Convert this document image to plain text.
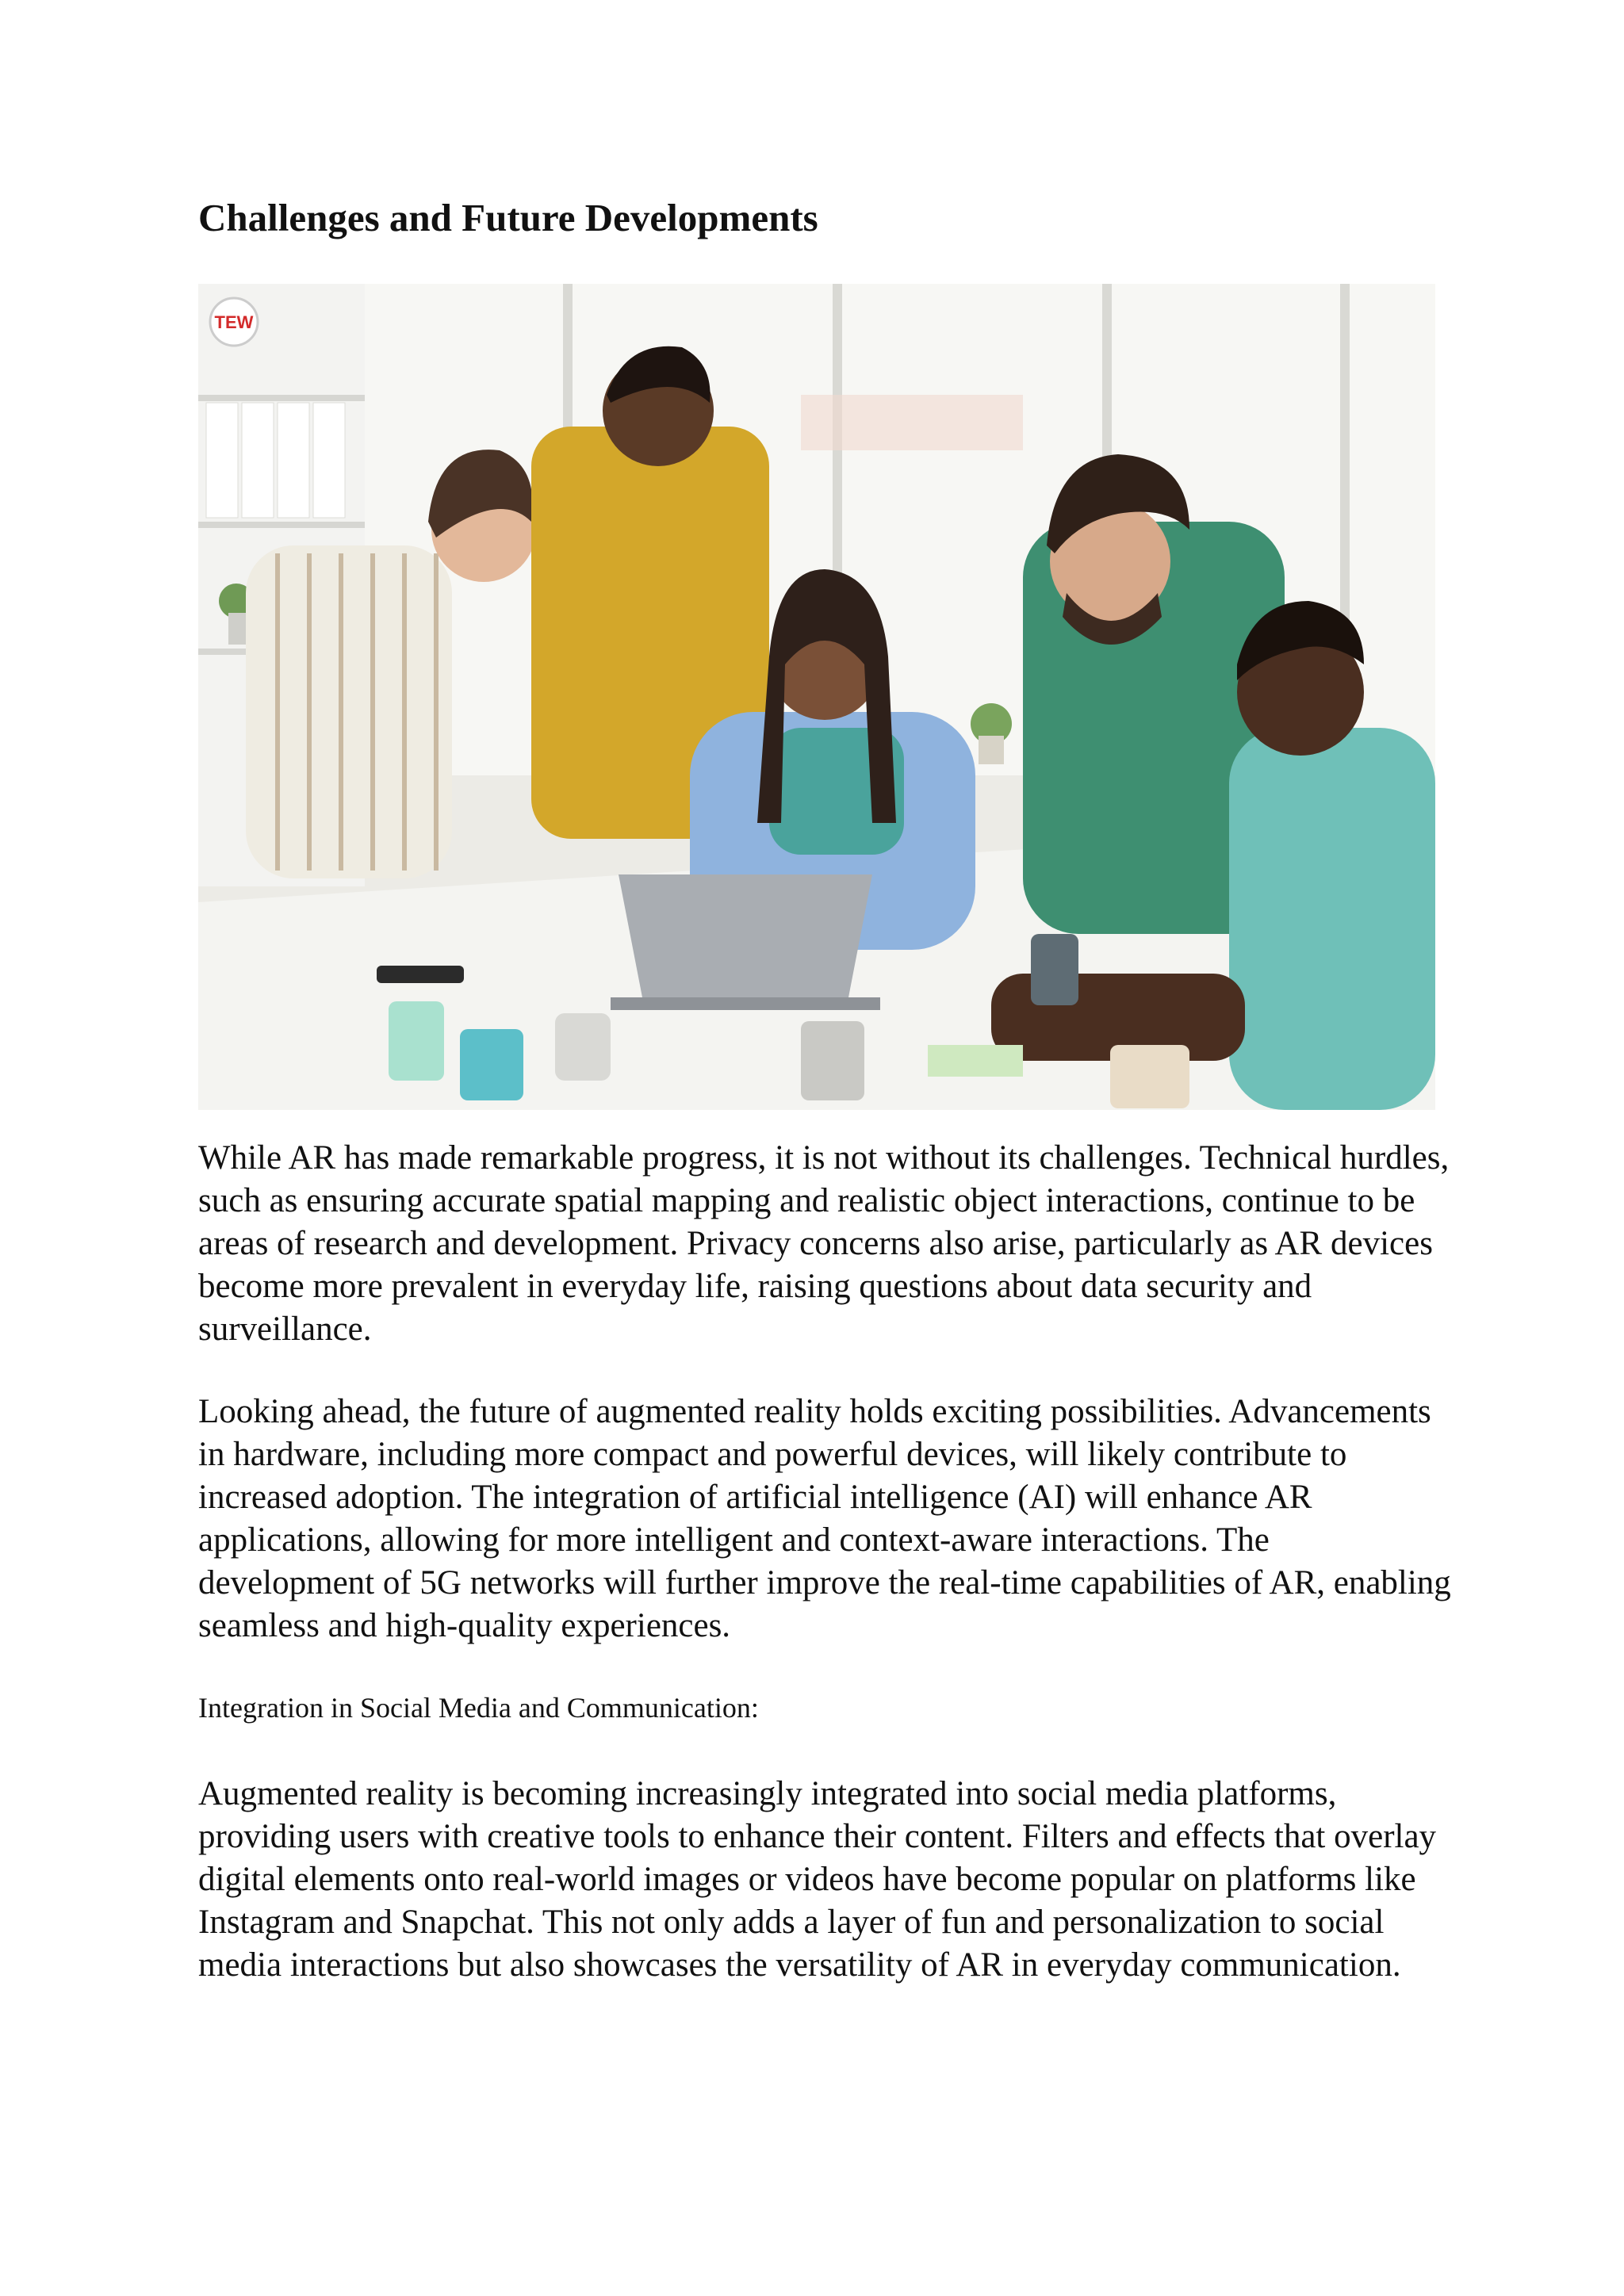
Challenges and Future Developments
TEW

While AR has made remarkable progress, it is not without its challenges. Technical hurdles, such as ensuring accurate spatial mapping and realistic object interactions, continue to be areas of research and development. Privacy concerns also arise, particularly as AR devices become more prevalent in everyday life, raising questions about data security and surveillance.

Looking ahead, the future of augmented reality holds exciting possibilities. Advancements in hardware, including more compact and powerful devices, will likely contribute to increased adoption. The integration of artificial intelligence (AI) will enhance AR applications, allowing for more intelligent and context-aware interactions. The development of 5G networks will further improve the real-time capabilities of AR, enabling seamless and high-quality experiences.

Integration in Social Media and Communication:

Augmented reality is becoming increasingly integrated into social media platforms, providing users with creative tools to enhance their content. Filters and effects that overlay digital elements onto real-world images or videos have become popular on platforms like Instagram and Snapchat. This not only adds a layer of fun and personalization to social media interactions but also showcases the versatility of AR in everyday communication.
